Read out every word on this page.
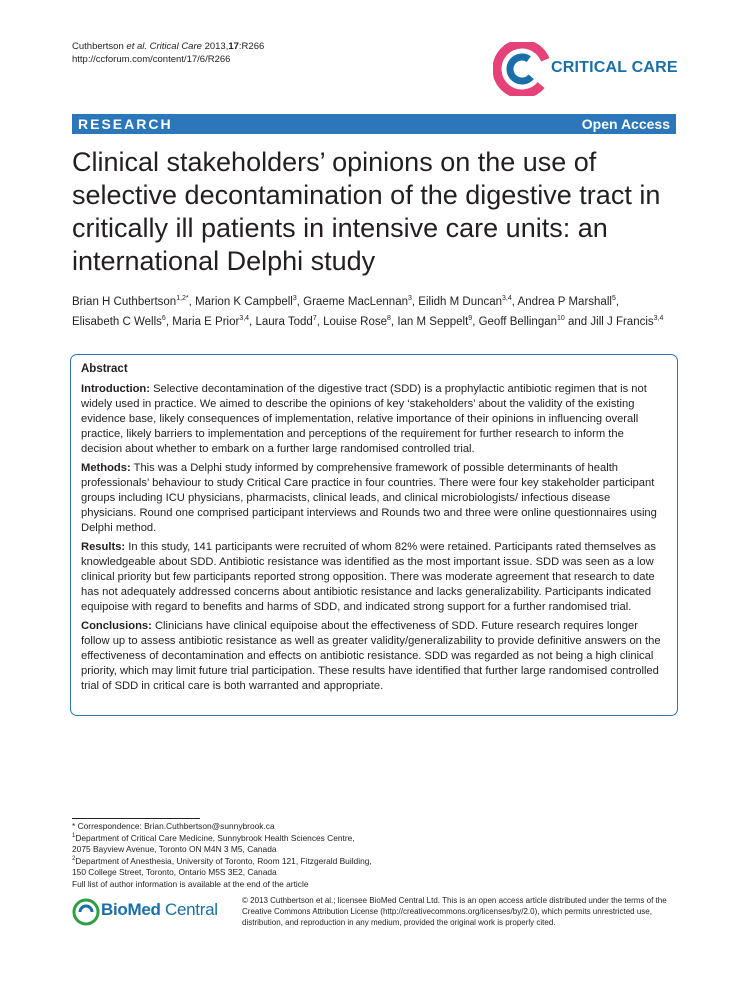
Cuthbertson et al. Critical Care 2013,17:R266
http://ccforum.com/content/17/6/R266	CRITICAL CARE
RESEARCH	Open Access
Clinical stakeholders’ opinions on the use of selective decontamination of the digestive tract in critically ill patients in intensive care units: an international Delphi study
Brian H Cuthbertson$^{1,2*}$, Marion K Campbell$^3$, Graeme MacLennan$^3$, Eilidh M Duncan$^{3,4}$, Andrea P Marshall$^5$,
Elisabeth C Wells$^6$, Maria E Prior$^{3,4}$, Laura Todd$^7$, Louise Rose$^8$, Ian M Seppelt$^9$, Geoff Bellingan$^{10}$ and Jill J Francis$^{3,4}$
Abstract

Introduction: Selective decontamination of the digestive tract (SDD) is a prophylactic antibiotic regimen that is not widely used in practice. We aimed to describe the opinions of key ‘stakeholders’ about the validity of the existing evidence base, likely consequences of implementation, relative importance of their opinions in influencing overall practice, likely barriers to implementation and perceptions of the requirement for further research to inform the decision about whether to embark on a further large randomised controlled trial.

Methods: This was a Delphi study informed by comprehensive framework of possible determinants of health professionals’ behaviour to study Critical Care practice in four countries. There were four key stakeholder participant groups including ICU physicians, pharmacists, clinical leads, and clinical microbiologists/ infectious disease physicians. Round one comprised participant interviews and Rounds two and three were online questionnaires using Delphi method.

Results: In this study, 141 participants were recruited of whom 82% were retained. Participants rated themselves as knowledgeable about SDD. Antibiotic resistance was identified as the most important issue. SDD was seen as a low clinical priority but few participants reported strong opposition. There was moderate agreement that research to date has not adequately addressed concerns about antibiotic resistance and lacks generalizability. Participants indicated equipoise with regard to benefits and harms of SDD, and indicated strong support for a further randomised trial.

Conclusions: Clinicians have clinical equipoise about the effectiveness of SDD. Future research requires longer follow up to assess antibiotic resistance as well as greater validity/generalizability to provide definitive answers on the effectiveness of decontamination and effects on antibiotic resistance. SDD was regarded as not being a high clinical priority, which may limit future trial participation. These results have identified that further large randomised controlled trial of SDD in critical care is both warranted and appropriate.

* Correspondence: Brian.Cuthbertson@sunnybrook.ca
$^1$Department of Critical Care Medicine, Sunnybrook Health Sciences Centre, 2075 Bayview Avenue, Toronto ON M4N 3 M5, Canada
$^2$Department of Anesthesia, University of Toronto, Room 121, Fitzgerald Building, 150 College Street, Toronto, Ontario M5S 3E2, Canada
Full list of author information is available at the end of the article
BioMed Central	© 2013 Cuthbertson et al.; licensee BioMed Central Ltd. This is an open access article distributed under the terms of the Creative Commons Attribution License (http://creativecommons.org/licenses/by/2.0), which permits unrestricted use, distribution, and reproduction in any medium, provided the original work is properly cited.
